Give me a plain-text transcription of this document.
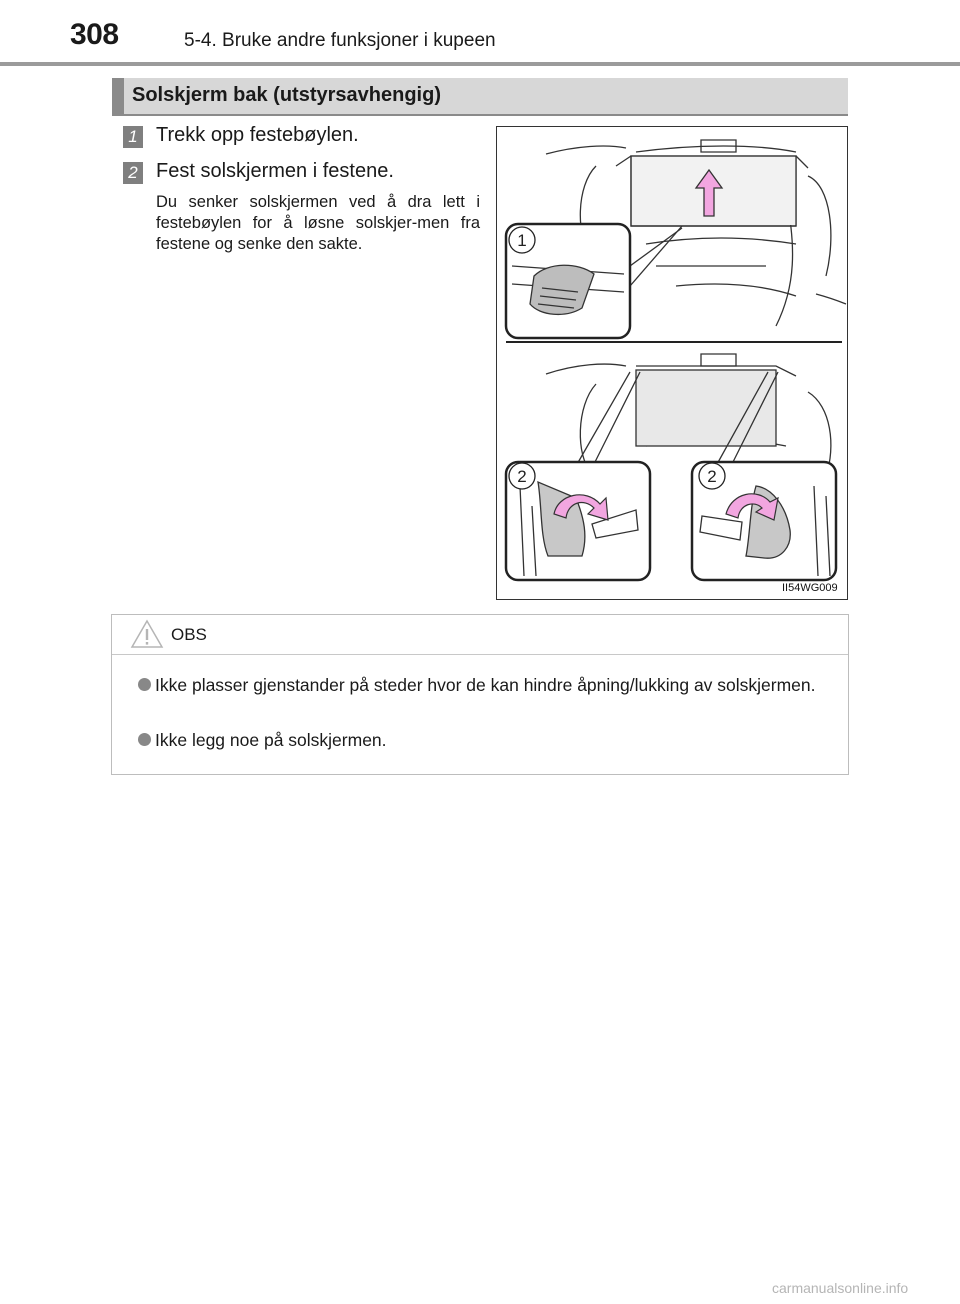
308	5-4. Bruke andre funksjoner i kupeen
Solskjerm bak (utstyrsavhengig)
1 Trekk opp festebøylen.
2 Fest solskjermen i festene.
Du senker solskjermen ved å dra lett i festebøylen for å løsne solskjer-men fra festene og senke den sakte.	1
2	2
II54WG009
OBS
Ikke plasser gjenstander på steder hvor de kan hindre åpning/lukking av solskjermen.
Ikke legg noe på solskjermen.
carmanualsonline.info
